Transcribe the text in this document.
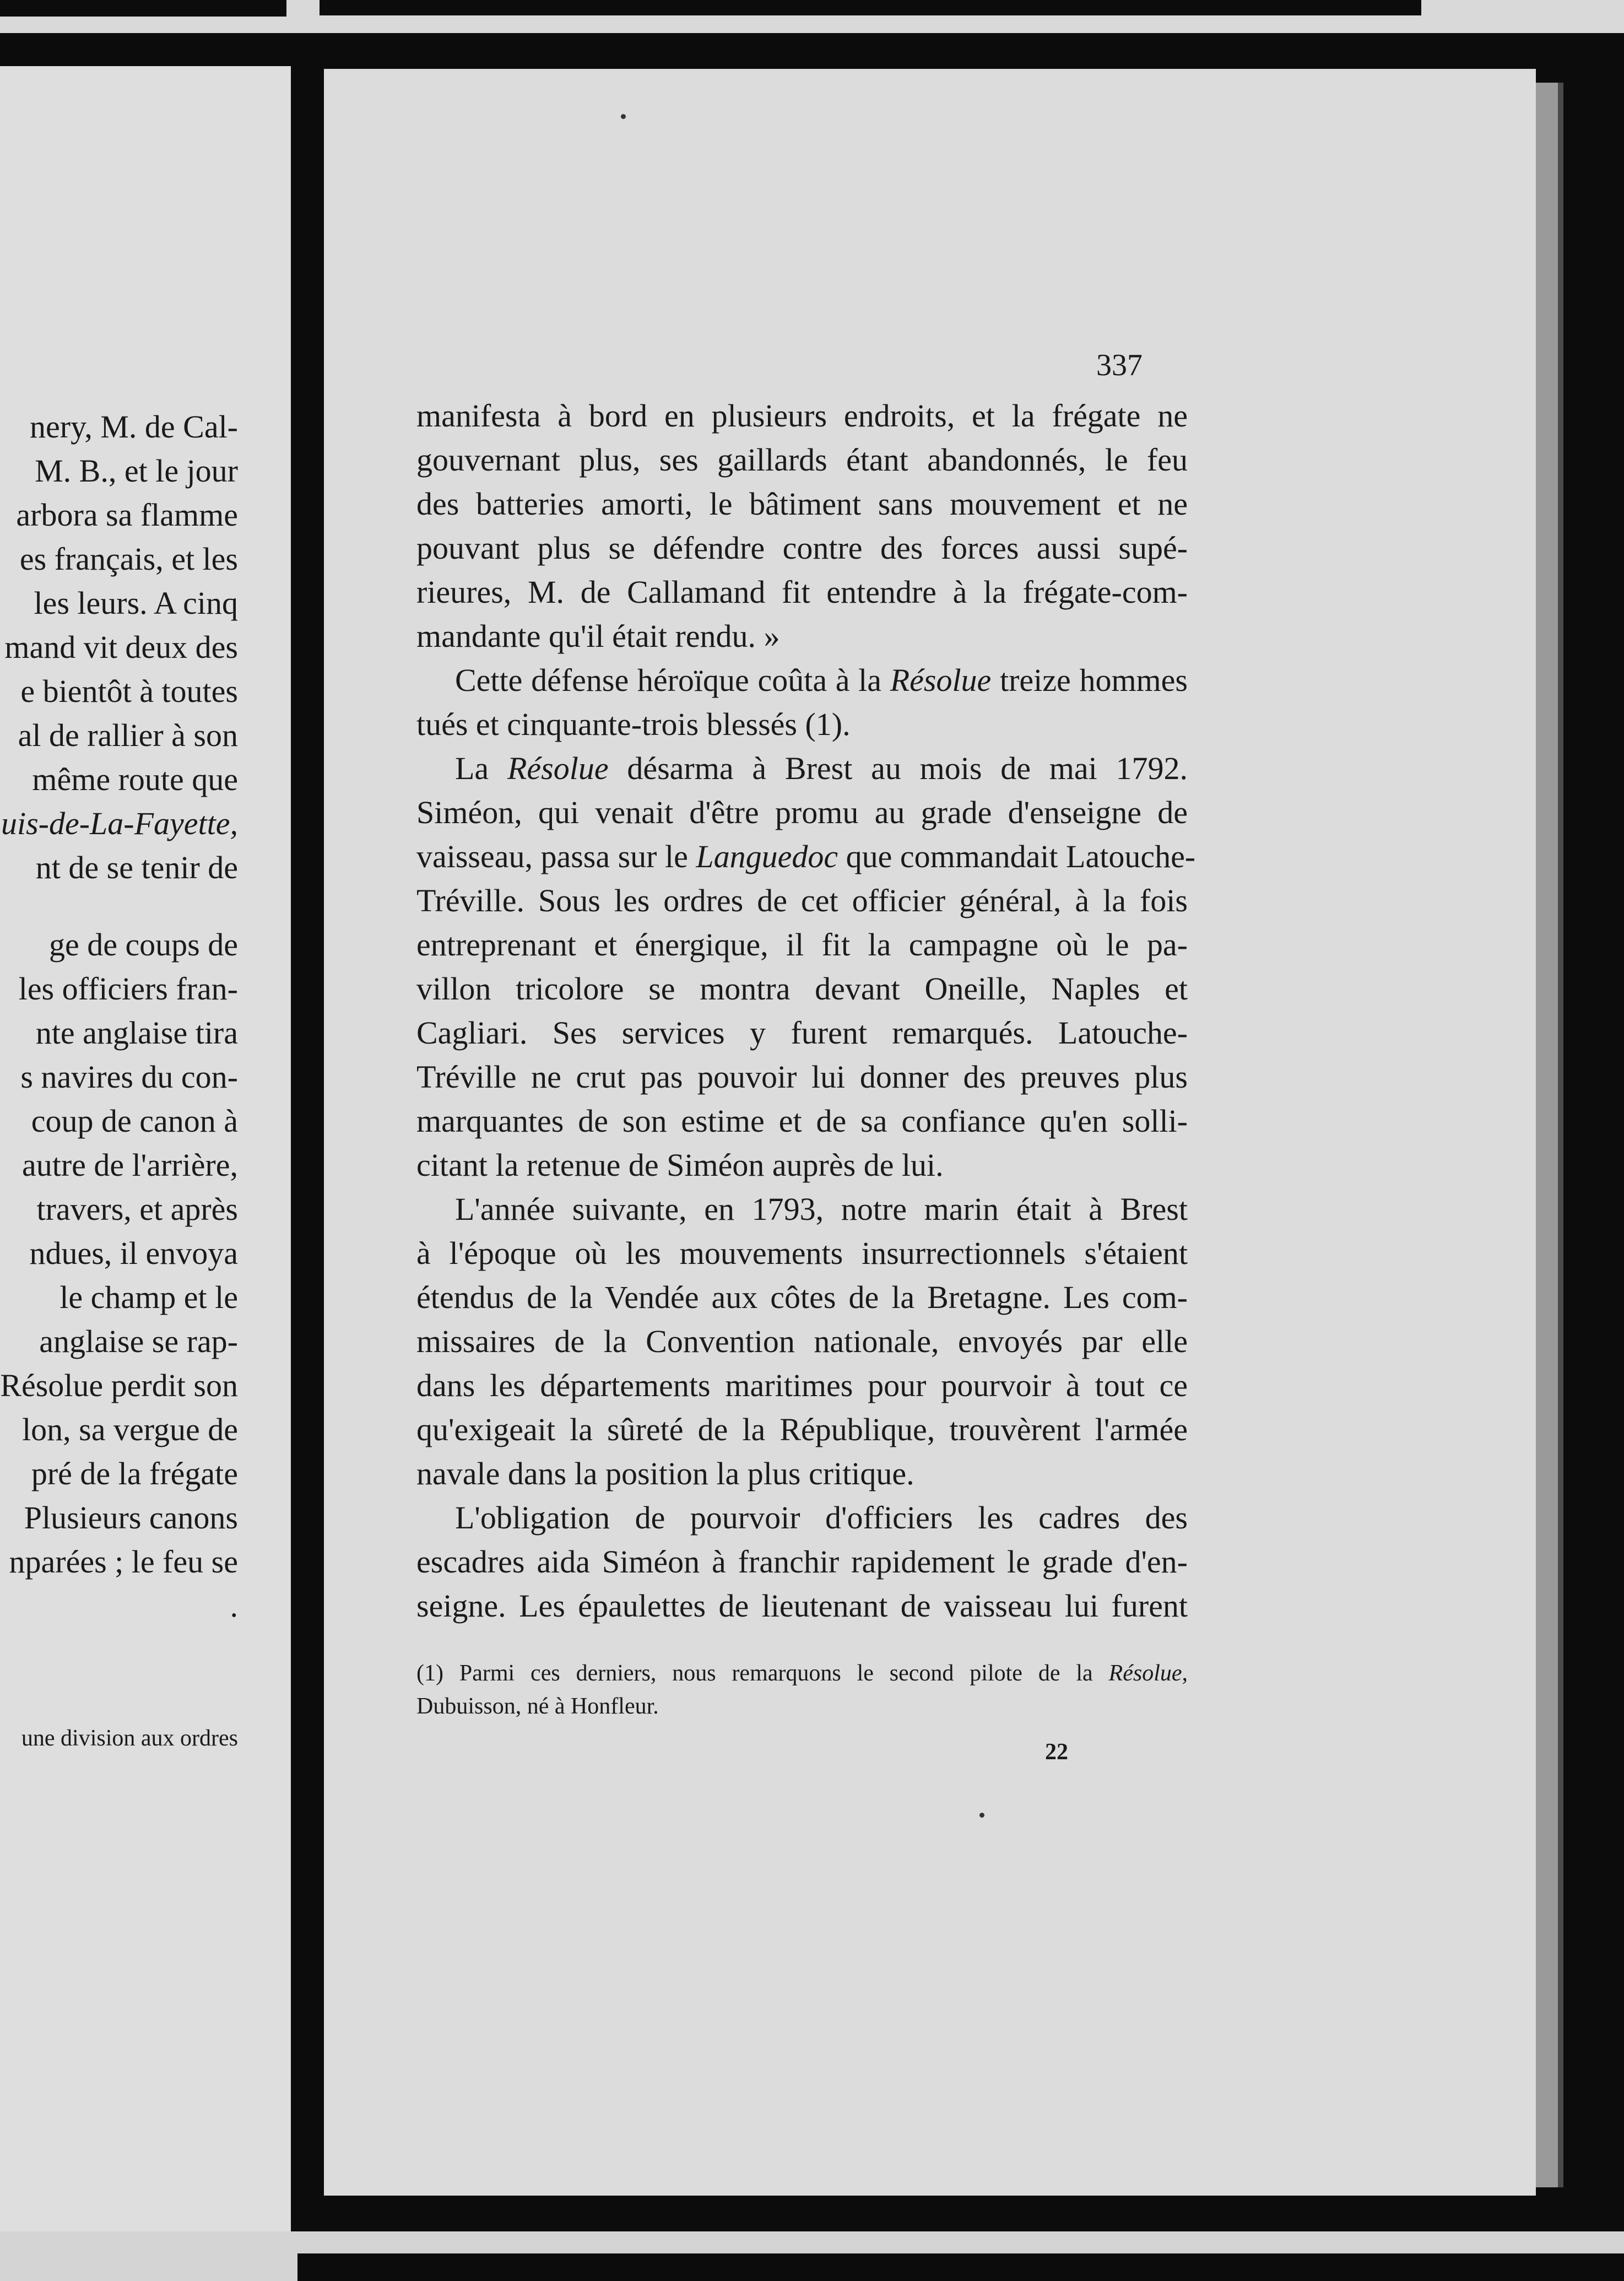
nery, M. de Cal-
M. B., et le jour
arbora sa flamme
es français, et les
les leurs. A cinq
mand vit deux des
e bientôt à toutes
al de rallier à son
même route que
uis-de-La-Fayette,
nt de se tenir de
ge de coups de
les officiers fran-
nte anglaise tira
s navires du con-
coup de canon à
autre de l'arrière,
travers, et après
ndues, il envoya
le champ et le
anglaise se rap-
Résolue perdit son
lon, sa vergue de
pré de la frégate
Plusieurs canons
nparées ; le feu se
.
une division aux ordres
337
manifesta à bord en plusieurs endroits, et la frégate ne
gouvernant plus, ses gaillards étant abandonnés, le feu
des batteries amorti, le bâtiment sans mouvement et ne
pouvant plus se défendre contre des forces aussi supé-
rieures, M. de Callamand fit entendre à la frégate-com-
mandante qu'il était rendu. »
Cette défense héroïque coûta à la Résolue treize hommes
tués et cinquante-trois blessés (1).
La Résolue désarma à Brest au mois de mai 1792.
Siméon, qui venait d'être promu au grade d'enseigne de
vaisseau, passa sur le Languedoc que commandait Latouche-
Tréville. Sous les ordres de cet officier général, à la fois
entreprenant et énergique, il fit la campagne où le pa-
villon tricolore se montra devant Oneille, Naples et
Cagliari. Ses services y furent remarqués. Latouche-
Tréville ne crut pas pouvoir lui donner des preuves plus
marquantes de son estime et de sa confiance qu'en solli-
citant la retenue de Siméon auprès de lui.
L'année suivante, en 1793, notre marin était à Brest
à l'époque où les mouvements insurrectionnels s'étaient
étendus de la Vendée aux côtes de la Bretagne. Les com-
missaires de la Convention nationale, envoyés par elle
dans les départements maritimes pour pourvoir à tout ce
qu'exigeait la sûreté de la République, trouvèrent l'armée
navale dans la position la plus critique.
L'obligation de pourvoir d'officiers les cadres des
escadres aida Siméon à franchir rapidement le grade d'en-
seigne. Les épaulettes de lieutenant de vaisseau lui furent
(1) Parmi ces derniers, nous remarquons le second pilote de la Résolue,
Dubuisson, né à Honfleur.
22
